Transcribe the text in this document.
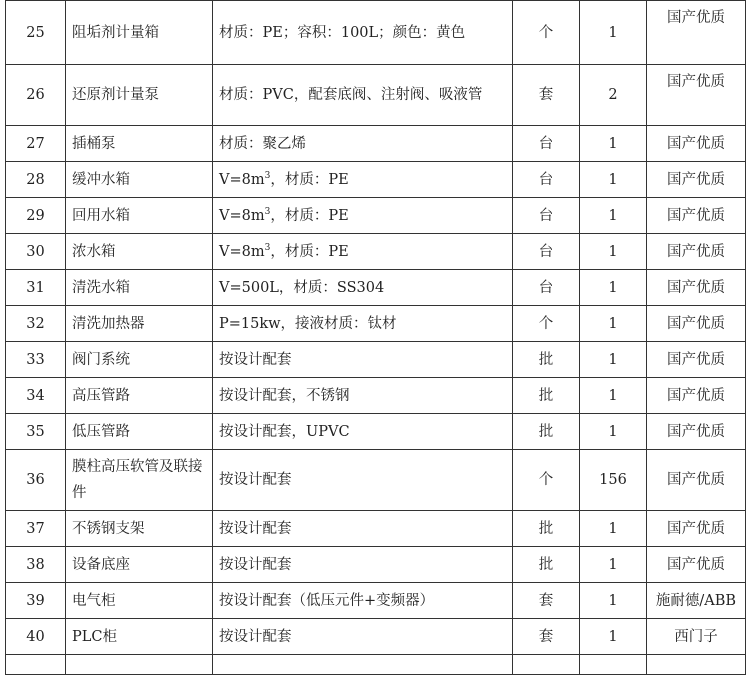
25	阻垢剂计量箱	材质：PE；容积：100L；颜色：黄色	个	1	国产优质
26	还原剂计量泵	材质：PVC，配套底阀、注射阀、吸液管	套	2	国产优质
27	插桶泵	材质：聚乙烯	台	1	国产优质
28	缓冲水箱	$V=8m^3$，材质：PE	台	1	国产优质
29	回用水箱	$V=8m^3$，材质：PE	台	1	国产优质
30	浓水箱	$V=8m^3$，材质：PE	台	1	国产优质
31	清洗水箱	V=500L，材质：SS304	台	1	国产优质
32	清洗加热器	P=15kw，接液材质：钛材	个	1	国产优质
33	阀门系统	按设计配套	批	1	国产优质
34	高压管路	按设计配套，不锈钢	批	1	国产优质
35	低压管路	按设计配套，UPVC	批	1	国产优质
36	膜柱高压软管及联接件	按设计配套	个	156	国产优质
37	不锈钢支架	按设计配套	批	1	国产优质
38	设备底座	按设计配套	批	1	国产优质
39	电气柜	按设计配套（低压元件+变频器）	套	1	施耐德/ABB
40	PLC柜	按设计配套	套	1	西门子
